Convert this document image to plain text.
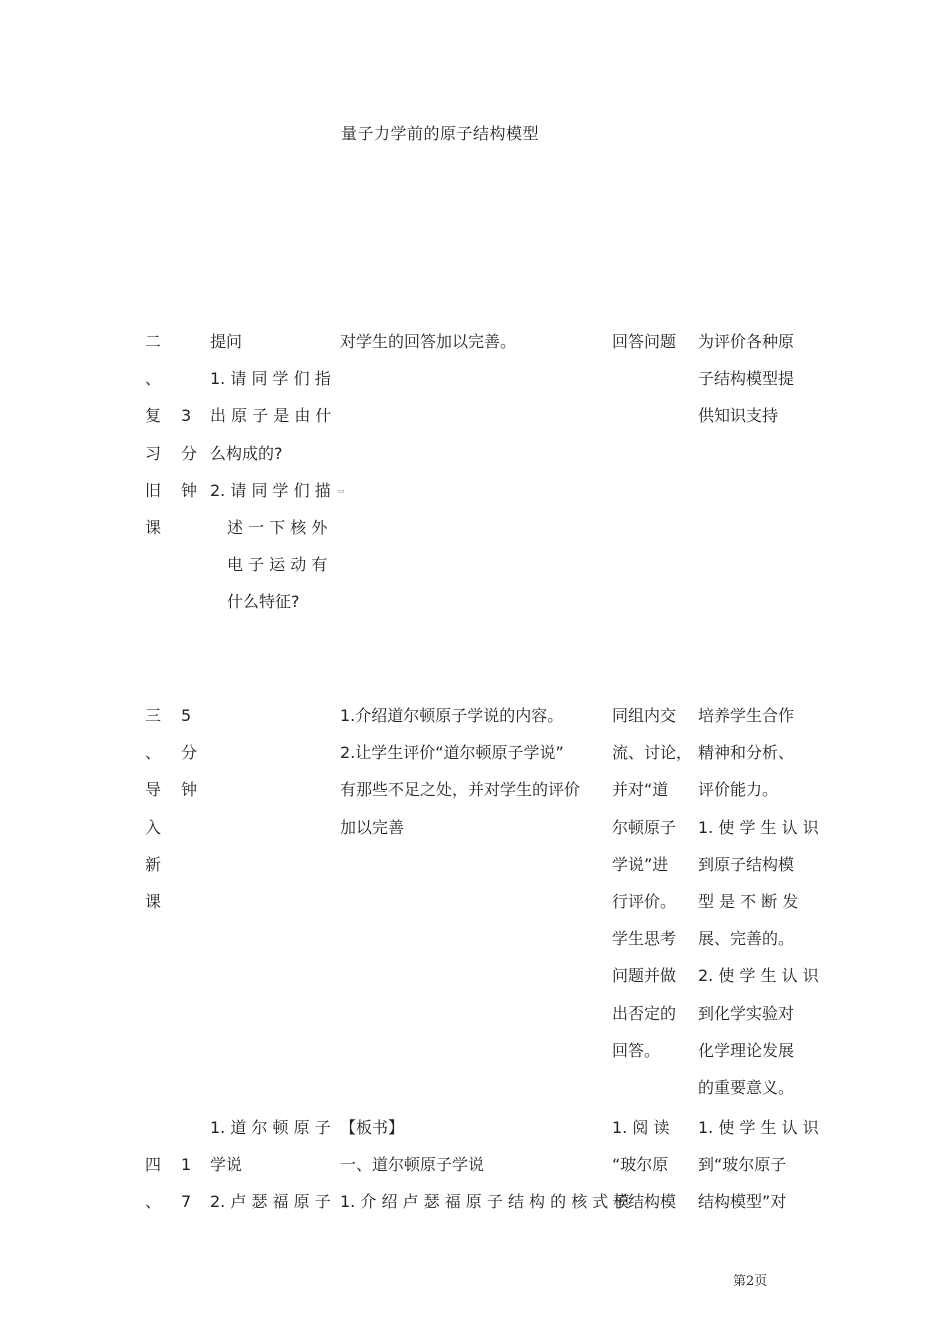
量子力学前的原子结构模型
二
、
复
习
旧
课

3
分
钟
提问
1. 请 同 学 们 指
出 原 子 是 由 什
么构成的?
2. 请 同 学 们 描
述 一 下 核 外
电 子 运 动 有
什么特征?
对学生的回答加以完善。	回答问题	为评价各种原
子结构模型提
供知识支持
▭
三
、
导
入
新
课
5
分
钟
1.介绍道尔顿原子学说的内容。
2.让学生评价“道尔顿原子学说”
有那些不足之处，并对学生的评价
加以完善
同组内交
流、讨论，
并对“道
尔顿原子
学说”进
行评价。
学生思考
问题并做
出否定的
回答。
培养学生合作
精神和分析、
评价能力。
1. 使 学 生 认 识
到原子结构模
型 是 不 断 发
展、完善的。
2. 使 学 生 认 识
到化学实验对
化学理论发展
的重要意义。

四
、

1
7
1. 道 尔 顿 原 子
学说
2. 卢 瑟 福 原 子
【板书】
一、道尔顿原子学说
1. 介 绍 卢 瑟 福 原 子 结 构 的 核 式 模
1. 阅 读
“玻尔原
子结构模
1. 使 学 生 认 识
到“玻尔原子
结构模型”对
第2页
